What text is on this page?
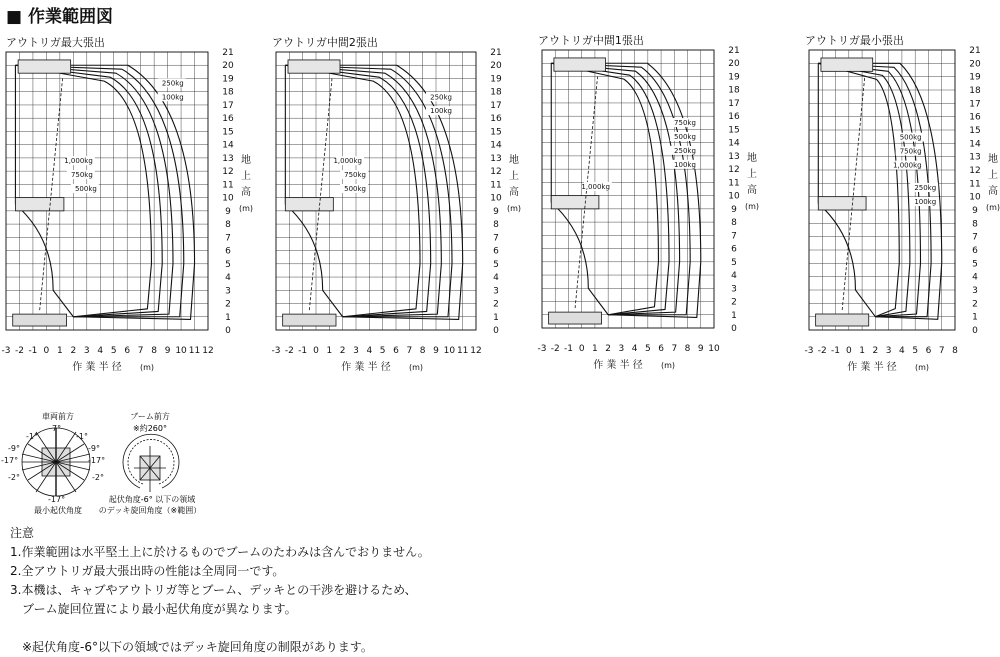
■ 作業範囲図
アウトリガ最大張出
-3 -2 -1 0 1 2 3 4 5 6 7 8 9 10 11 12
0
1
2
3
4
5
6
7
8
9
10
11
12
13
14
15
16
17
18
19
20
21
作 業 半 径 (m)
地
上
高
(m)
250kg
100kg
1,000kg
750kg
500kg
アウトリガ中間2張出
-3 -2 -1 0 1 2 3 4 5 6 7 8 9 10 11 12
0
1
2
3
4
5
6
7
8
9
10
11
12
13
14
15
16
17
18
19
20
21
作 業 半 径 (m)
地
上
高
(m)
250kg
100kg
1,000kg
750kg
500kg
アウトリガ中間1張出
-3 -2 -1 0 1 2 3 4 5 6 7 8 9 10
0
1
2
3
4
5
6
7
8
9
10
11
12
13
14
15
16
17
18
19
20
21
作 業 半 径 (m)
地
上
高
(m)
750kg
500kg
250kg
100kg
1,000kg
アウトリガ最小張出
-3 -2 -1 0 1 2 3 4 5 6 7 8
0
1
2
3
4
5
6
7
8
9
10
11
12
13
14
15
16
17
18
19
20
21
作 業 半 径 (m)
地
上
高
(m)
500kg
750kg
1,000kg
250kg
100kg
車両前方
7°
-1°	-1°
-9°	-9°
-17°	-17°
-2°	-2°
-17°
最小起伏角度
ブーム前方
※約260°
起伏角度-6° 以下の領域
のデッキ旋回角度（※範囲）
注意
1.作業範囲は水平堅土上に於けるものでブームのたわみは含んでおりません。
2.全アウトリガ最大張出時の性能は全周同一です。
3.本機は、キャブやアウトリガ等とブーム、デッキとの干渉を避けるため、
　ブーム旋回位置により最小起伏角度が異なります。
※起伏角度-6°以下の領域ではデッキ旋回角度の制限があります。
